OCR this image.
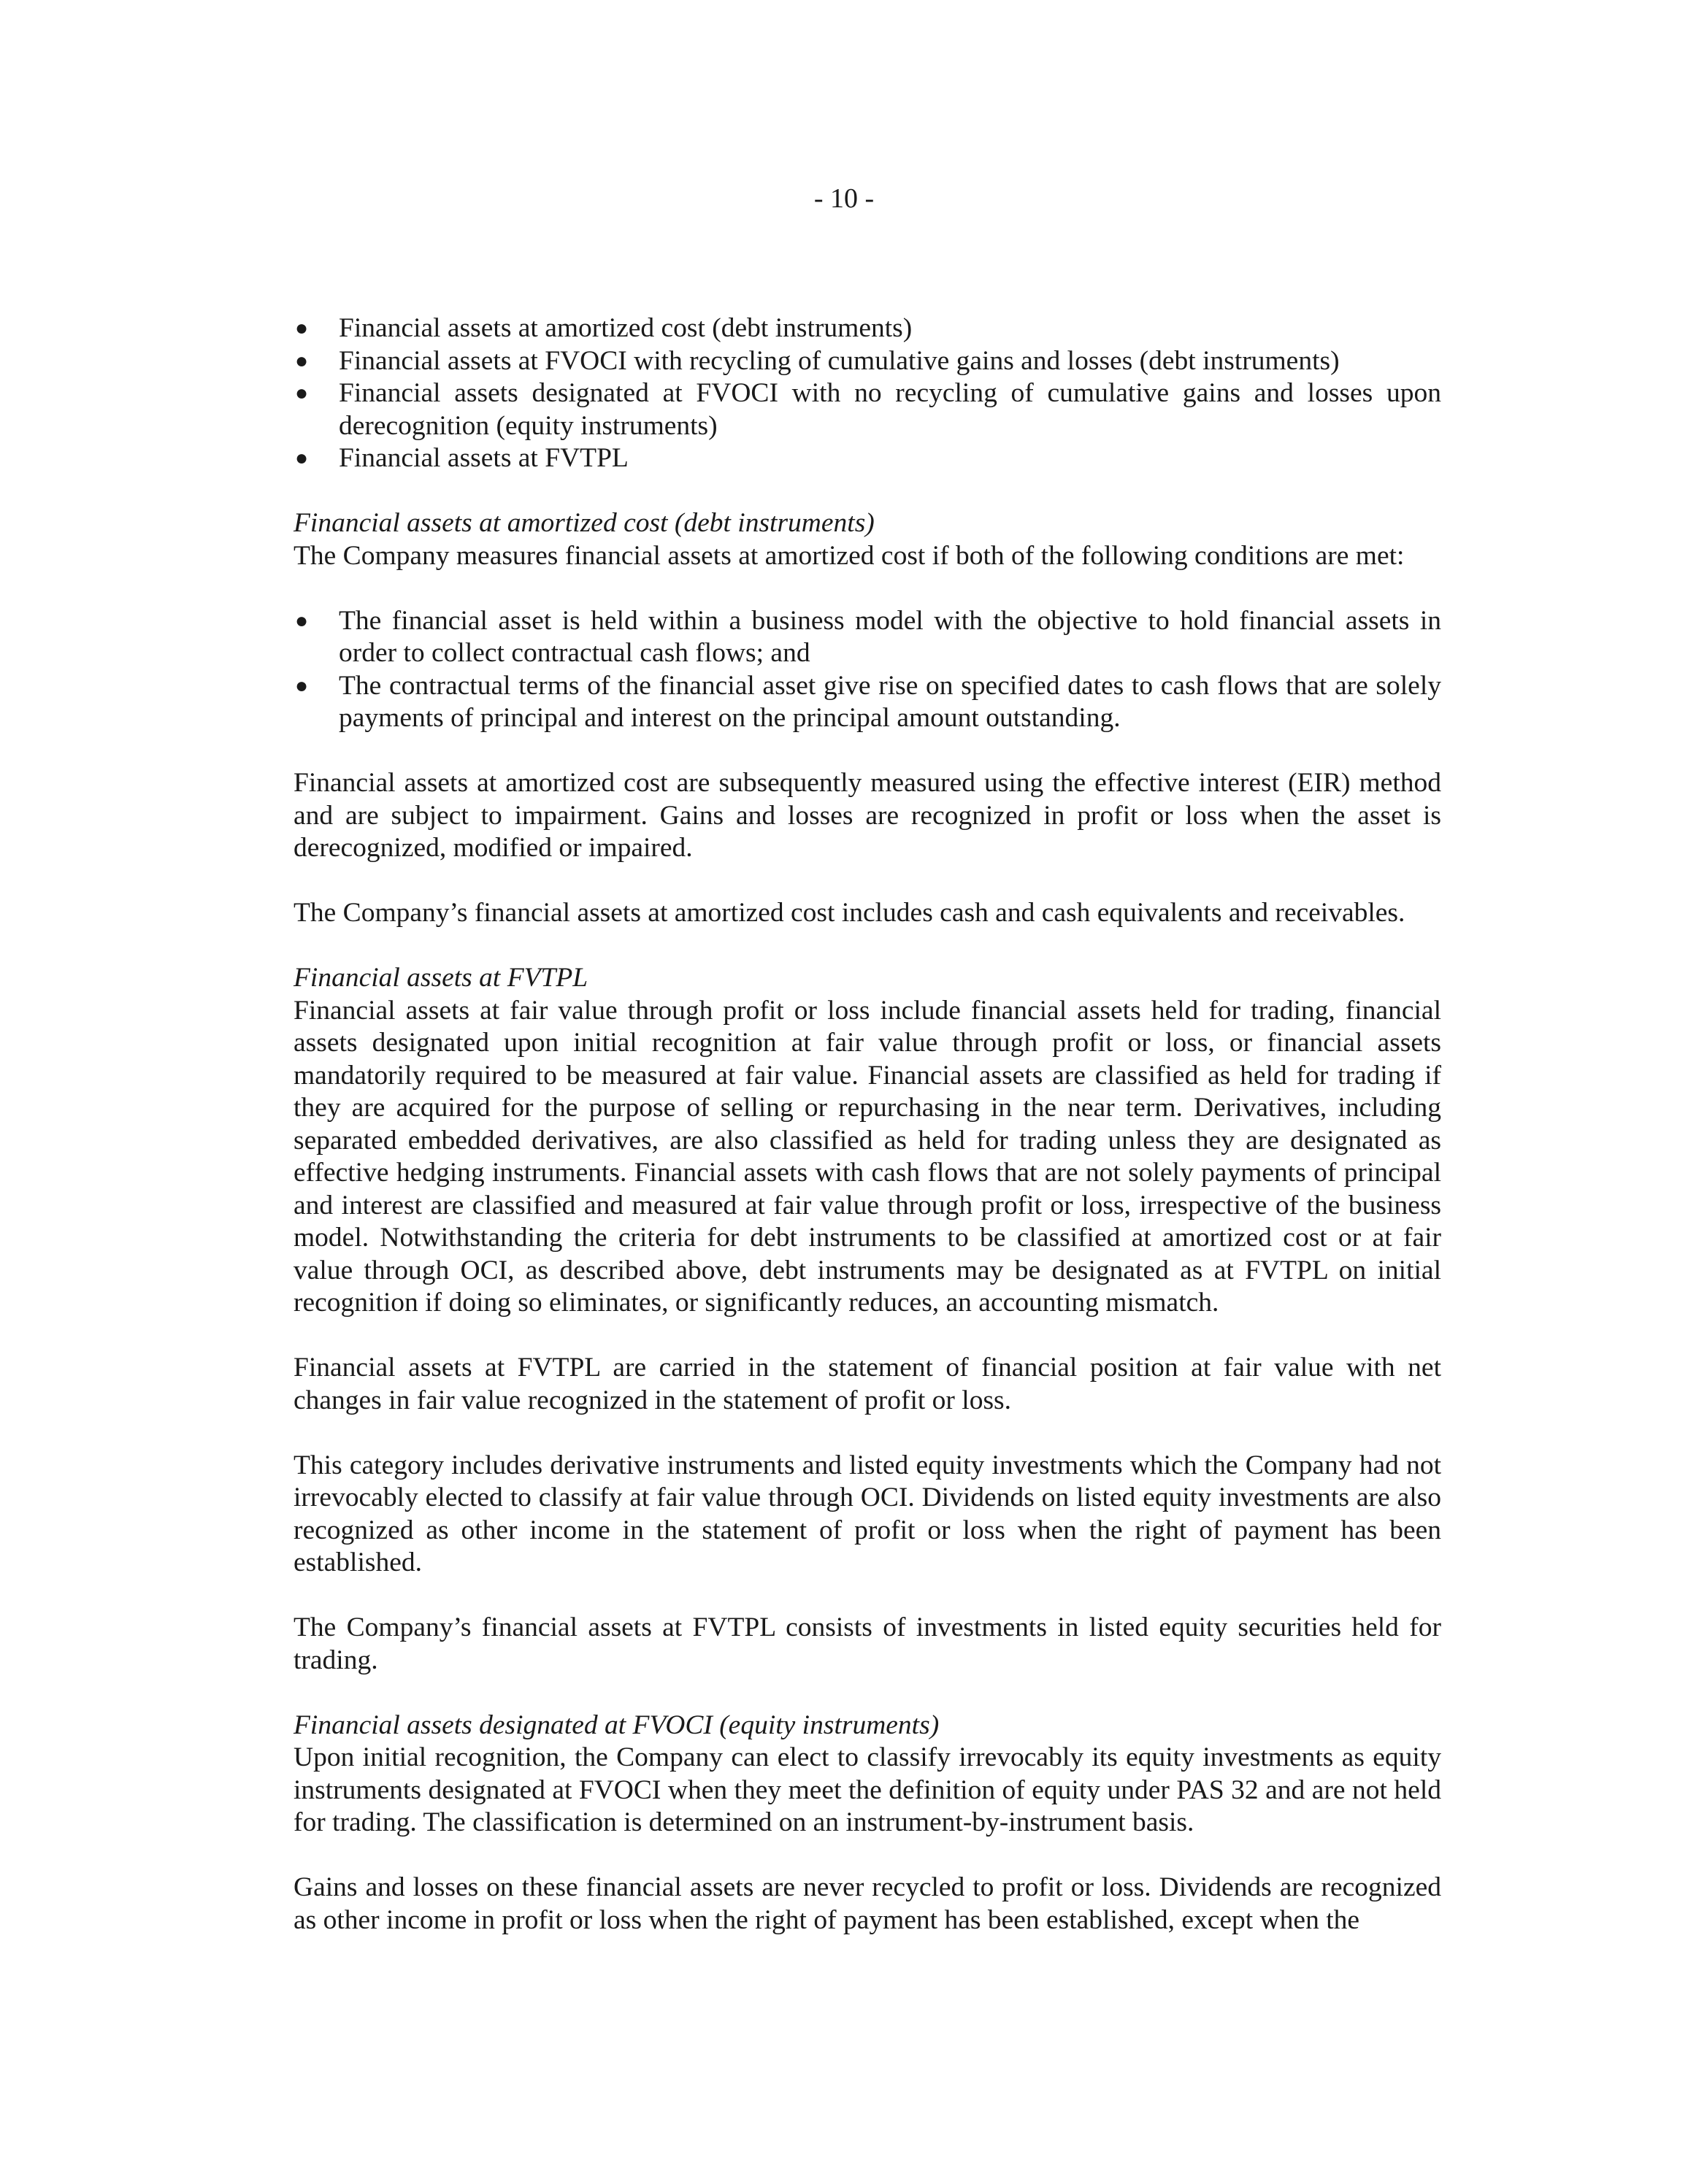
- 10 -
● Financial assets at amortized cost (debt instruments)
● Financial assets at FVOCI with recycling of cumulative gains and losses (debt instruments)
● Financial assets designated at FVOCI with no recycling of cumulative gains and losses upon derecognition (equity instruments)
● Financial assets at FVTPL

Financial assets at amortized cost (debt instruments)

The Company measures financial assets at amortized cost if both of the following conditions are met:

● The financial asset is held within a business model with the objective to hold financial assets in order to collect contractual cash flows; and
● The contractual terms of the financial asset give rise on specified dates to cash flows that are solely payments of principal and interest on the principal amount outstanding.

Financial assets at amortized cost are subsequently measured using the effective interest (EIR) method and are subject to impairment. Gains and losses are recognized in profit or loss when the asset is derecognized, modified or impaired.

The Company’s financial assets at amortized cost includes cash and cash equivalents and receivables.

Financial assets at FVTPL

Financial assets at fair value through profit or loss include financial assets held for trading, financial assets designated upon initial recognition at fair value through profit or loss, or financial assets mandatorily required to be measured at fair value. Financial assets are classified as held for trading if they are acquired for the purpose of selling or repurchasing in the near term. Derivatives, including separated embedded derivatives, are also classified as held for trading unless they are designated as effective hedging instruments. Financial assets with cash flows that are not solely payments of principal and interest are classified and measured at fair value through profit or loss, irrespective of the business model. Notwithstanding the criteria for debt instruments to be classified at amortized cost or at fair value through OCI, as described above, debt instruments may be designated as at FVTPL on initial recognition if doing so eliminates, or significantly reduces, an accounting mismatch.

Financial assets at FVTPL are carried in the statement of financial position at fair value with net changes in fair value recognized in the statement of profit or loss.

This category includes derivative instruments and listed equity investments which the Company had not irrevocably elected to classify at fair value through OCI. Dividends on listed equity investments are also recognized as other income in the statement of profit or loss when the right of payment has been established.

The Company’s financial assets at FVTPL consists of investments in listed equity securities held for trading.

Financial assets designated at FVOCI (equity instruments)

Upon initial recognition, the Company can elect to classify irrevocably its equity investments as equity instruments designated at FVOCI when they meet the definition of equity under PAS 32 and are not held for trading. The classification is determined on an instrument-by-instrument basis.

Gains and losses on these financial assets are never recycled to profit or loss. Dividends are recognized as other income in profit or loss when the right of payment has been established, except when the
